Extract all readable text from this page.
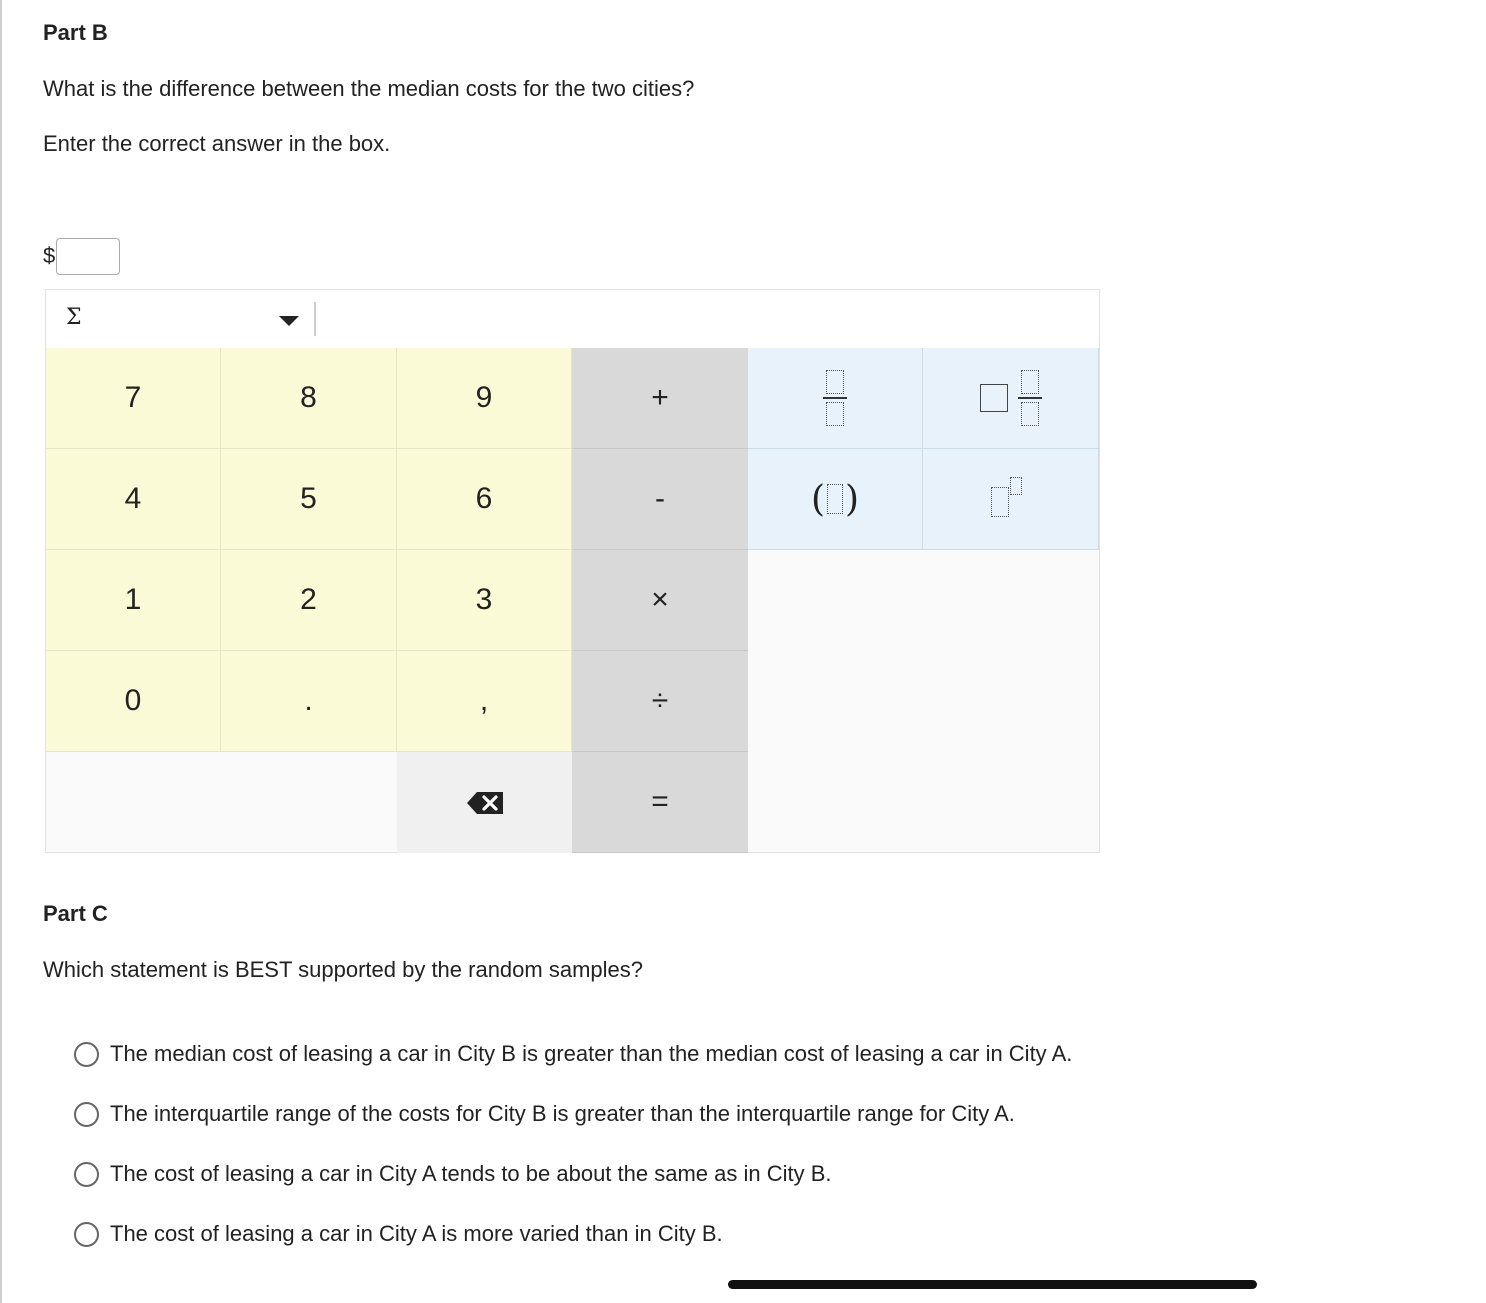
Part B
What is the difference between the median costs for the two cities?
Enter the correct answer in the box.
$
Σ
7	8	9	+
4	5	6	-	( )
1	2	3	×
0	.	,	÷
=
Part C
Which statement is BEST supported by the random samples?
The median cost of leasing a car in City B is greater than the median cost of leasing a car in City A.
The interquartile range of the costs for City B is greater than the interquartile range for City A.
The cost of leasing a car in City A tends to be about the same as in City B.
The cost of leasing a car in City A is more varied than in City B.
